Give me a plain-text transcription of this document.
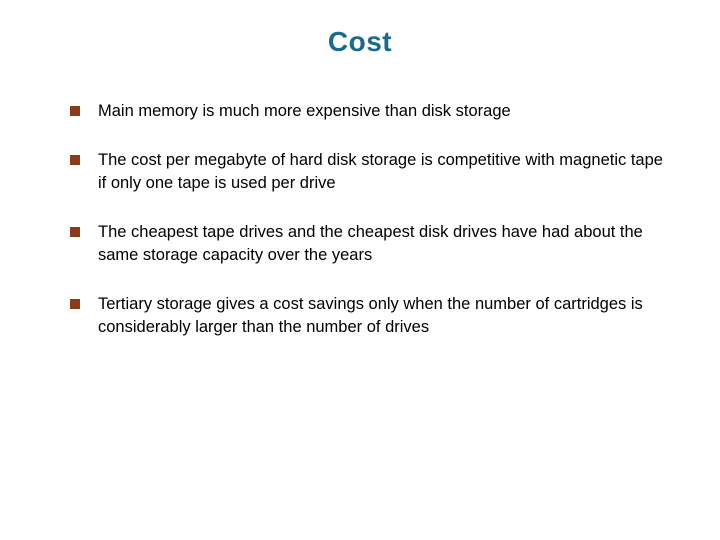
Cost
Main memory is much more expensive than disk storage
The cost per megabyte of hard disk storage is competitive with magnetic tape if only one tape is used per drive
The cheapest tape drives and the cheapest disk drives have had about the same storage capacity over the years
Tertiary storage gives a cost savings only when the number of cartridges is considerably larger than the number of drives
